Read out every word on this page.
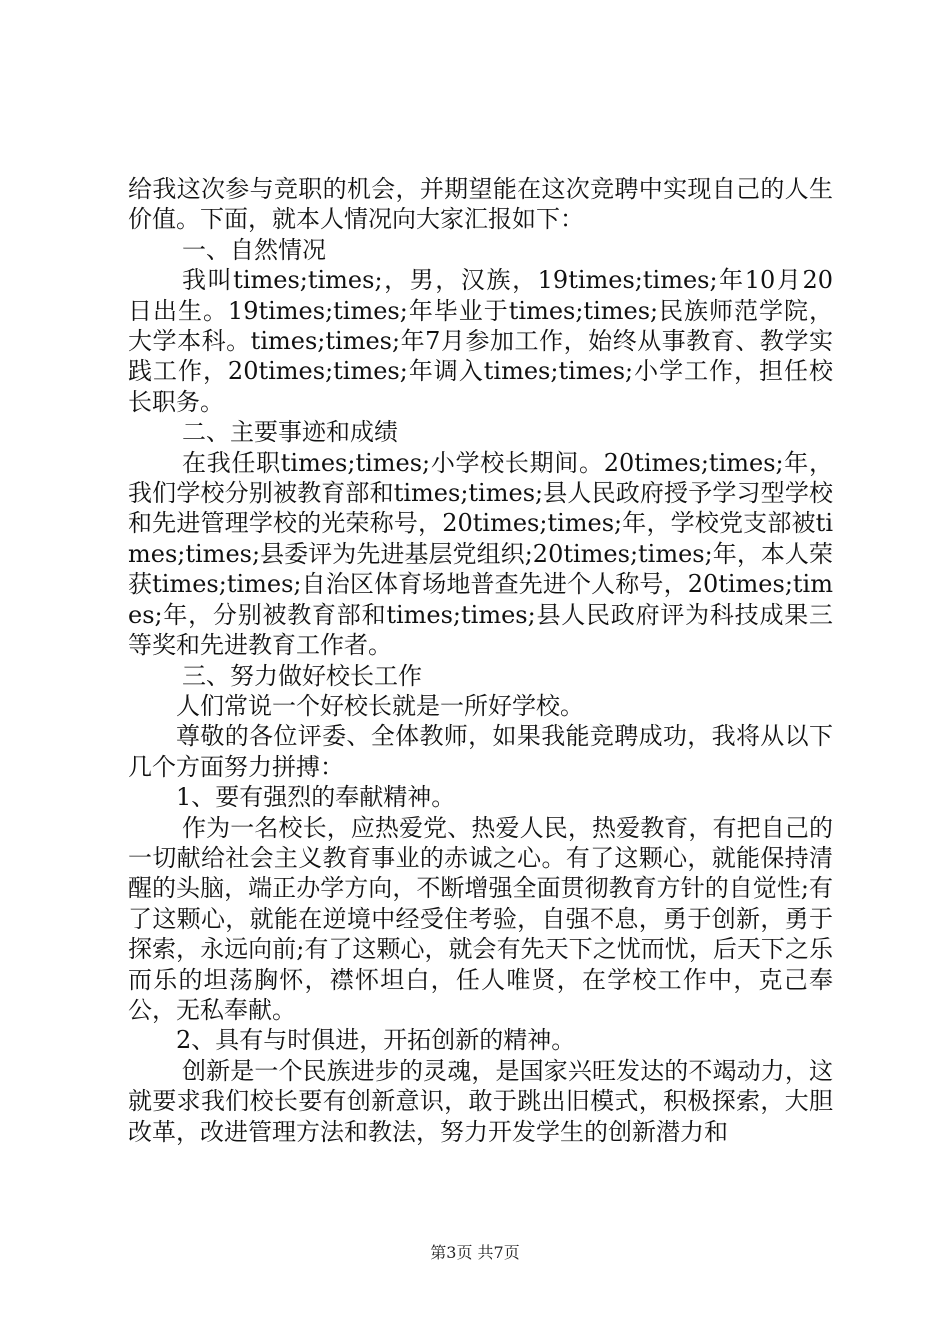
给我这次参与竞职的机会，并期望能在这次竞聘中实现自己的人生价值。下面，就本人情况向大家汇报如下：

一、自然情况

我叫times;times;，男，汉族，19times;times;年10月20日出生。19times;times;年毕业于times;times;民族师范学院，大学本科。times;times;年7月参加工作，始终从事教育、教学实践工作，20times;times;年调入times;times;小学工作，担任校长职务。

二、主要事迹和成绩

在我任职times;times;小学校长期间。20times;times;年，我们学校分别被教育部和times;times;县人民政府授予学习型学校和先进管理学校的光荣称号，20times;times;年，学校党支部被times;times;县委评为先进基层党组织;20times;times;年，本人荣获times;times;自治区体育场地普查先进个人称号，20times;times;年，分别被教育部和times;times;县人民政府评为科技成果三等奖和先进教育工作者。

三、努力做好校长工作

人们常说一个好校长就是一所好学校。

尊敬的各位评委、全体教师，如果我能竞聘成功，我将从以下几个方面努力拼搏：

1、要有强烈的奉献精神。

作为一名校长，应热爱党、热爱人民，热爱教育，有把自己的一切献给社会主义教育事业的赤诚之心。有了这颗心，就能保持清醒的头脑，端正办学方向，不断增强全面贯彻教育方针的自觉性;有了这颗心，就能在逆境中经受住考验，自强不息，勇于创新，勇于探索，永远向前;有了这颗心，就会有先天下之忧而忧，后天下之乐而乐的坦荡胸怀，襟怀坦白，任人唯贤，在学校工作中，克己奉公，无私奉献。

2、具有与时俱进，开拓创新的精神。

创新是一个民族进步的灵魂，是国家兴旺发达的不竭动力，这就要求我们校长要有创新意识，敢于跳出旧模式，积极探索，大胆改革，改进管理方法和教法，努力开发学生的创新潜力和

第3页 共7页
